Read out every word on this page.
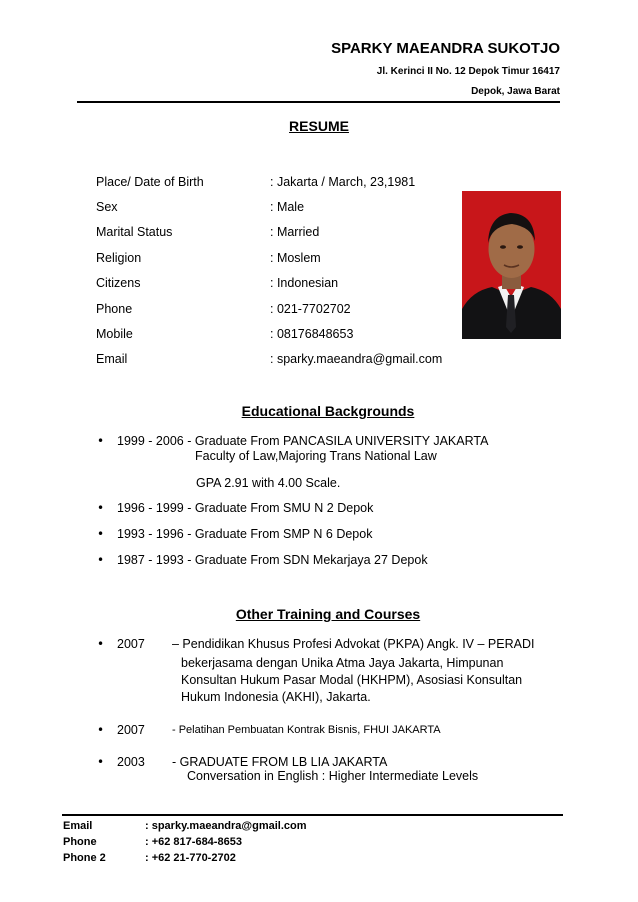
SPARKY MAEANDRA SUKOTJO
Jl. Kerinci II No. 12 Depok Timur 16417
Depok, Jawa Barat
RESUME
Place/ Date of Birth	: Jakarta / March, 23,1981
Sex	: Male
Marital Status	: Married
Religion	: Moslem
Citizens	: Indonesian
Phone	: 021-7702702
Mobile	: 08176848653
Email	: sparky.maeandra@gmail.com
Educational Backgrounds
• 1999 - 2006 - Graduate From PANCASILA UNIVERSITY JAKARTA
Faculty of Law,Majoring Trans National Law
GPA 2.91 with 4.00 Scale.
• 1996 - 1999 - Graduate From SMU N 2 Depok
• 1993 - 1996 - Graduate From SMP N 6 Depok
• 1987 - 1993 - Graduate From SDN Mekarjaya 27 Depok
Other Training and Courses
• 2007 – Pendidikan Khusus Profesi Advokat (PKPA) Angk. IV – PERADI
bekerjasama dengan Unika Atma Jaya Jakarta, Himpunan
Konsultan Hukum Pasar Modal (HKHPM), Asosiasi Konsultan
Hukum Indonesia (AKHI), Jakarta.
• 2007 - Pelatihan Pembuatan Kontrak Bisnis, FHUI JAKARTA
• 2003 - GRADUATE FROM LB LIA JAKARTA
Conversation in English : Higher Intermediate Levels
Email	: sparky.maeandra@gmail.com
Phone	: +62 817-684-8653
Phone 2	: +62 21-770-2702
